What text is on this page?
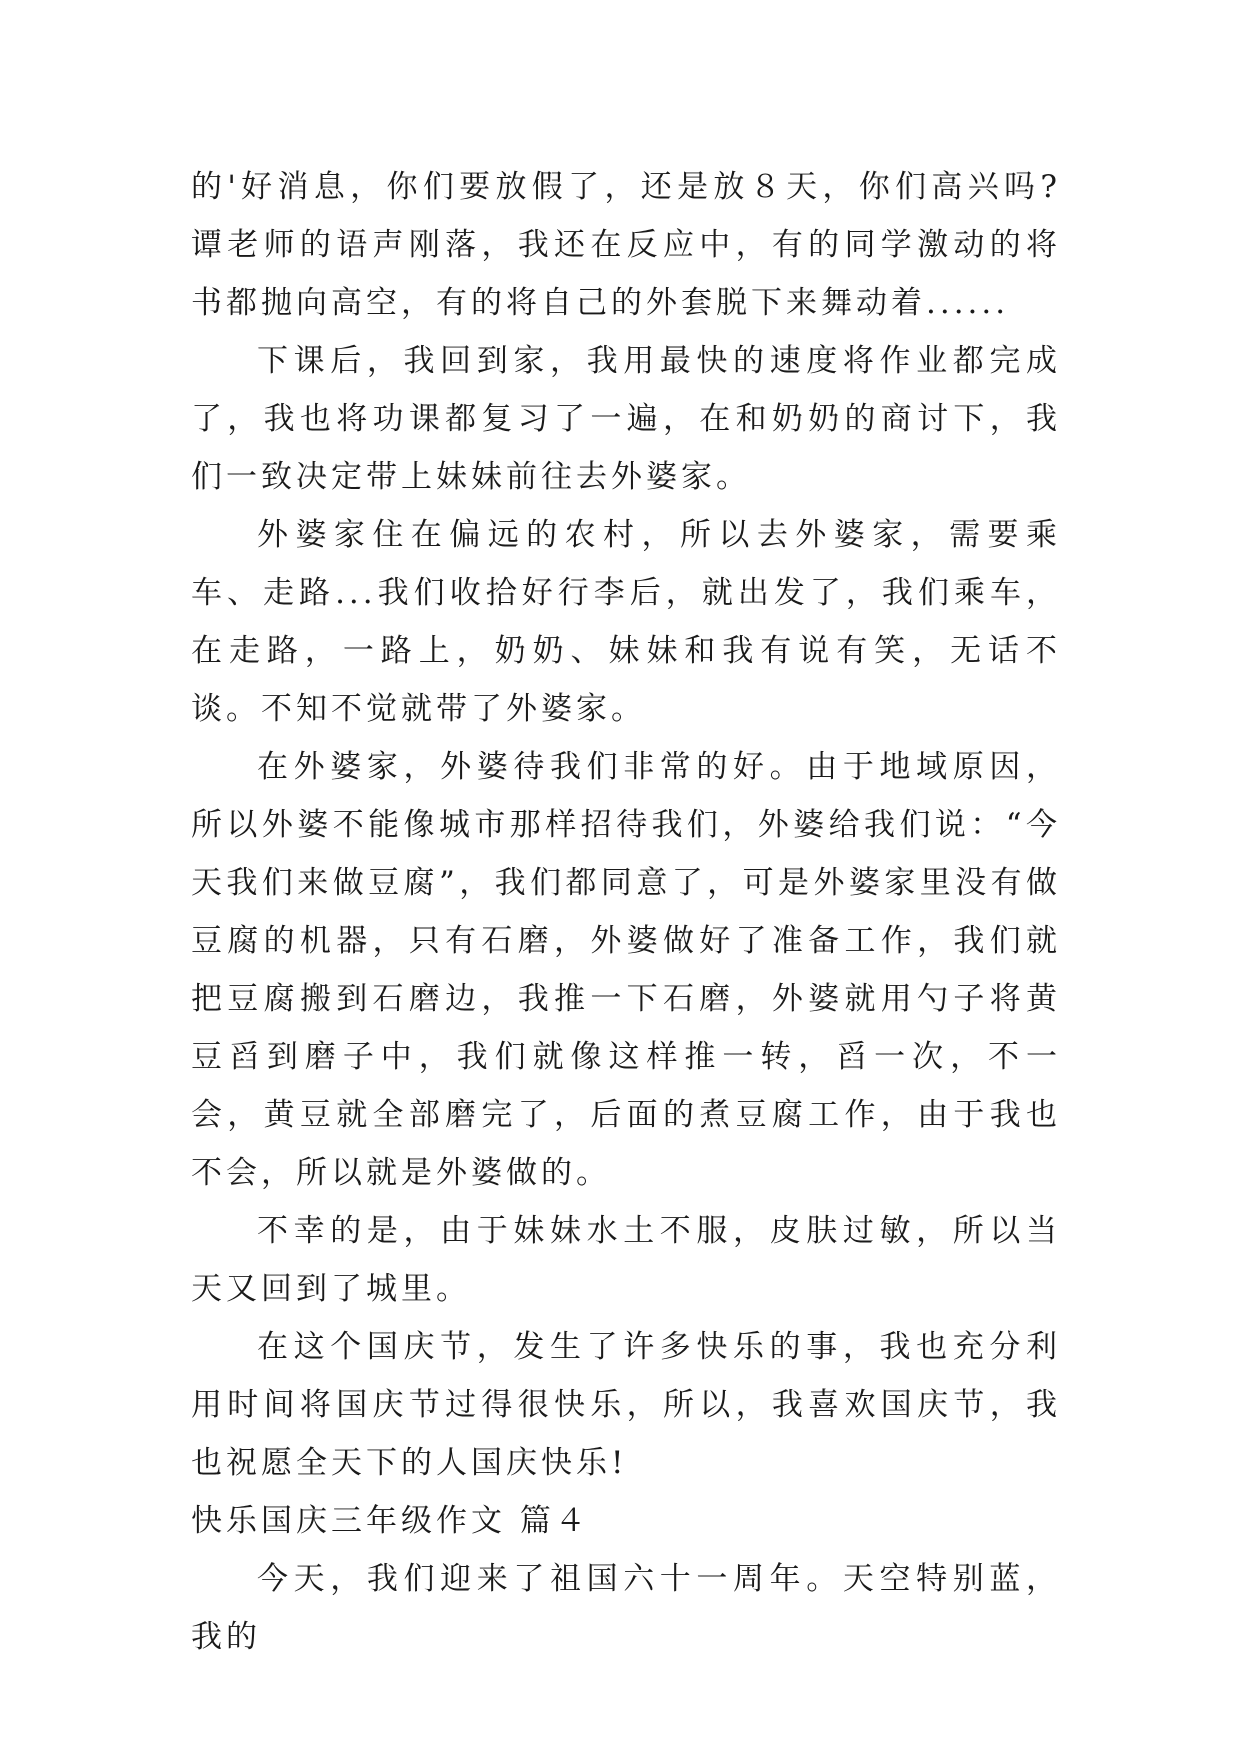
的'好消息，你们要放假了，还是放８天，你们高兴吗?谭老师的语声刚落，我还在反应中，有的同学激动的将书都抛向高空，有的将自己的外套脱下来舞动着......

下课后，我回到家，我用最快的速度将作业都完成了，我也将功课都复习了一遍，在和奶奶的商讨下，我们一致决定带上妹妹前往去外婆家。

外婆家住在偏远的农村，所以去外婆家，需要乘车、走路...我们收拾好行李后，就出发了，我们乘车，在走路，一路上，奶奶、妹妹和我有说有笑，无话不谈。不知不觉就带了外婆家。

在外婆家，外婆待我们非常的好。由于地域原因，所以外婆不能像城市那样招待我们，外婆给我们说：“今天我们来做豆腐”，我们都同意了，可是外婆家里没有做豆腐的机器，只有石磨，外婆做好了准备工作，我们就把豆腐搬到石磨边，我推一下石磨，外婆就用勺子将黄豆舀到磨子中，我们就像这样推一转，舀一次，不一会，黄豆就全部磨完了，后面的煮豆腐工作，由于我也不会，所以就是外婆做的。

不幸的是，由于妹妹水土不服，皮肤过敏，所以当天又回到了城里。

在这个国庆节，发生了许多快乐的事，我也充分利用时间将国庆节过得很快乐，所以，我喜欢国庆节，我也祝愿全天下的人国庆快乐!

快乐国庆三年级作文 篇４

今天，我们迎来了祖国六十一周年。天空特别蓝，我的
